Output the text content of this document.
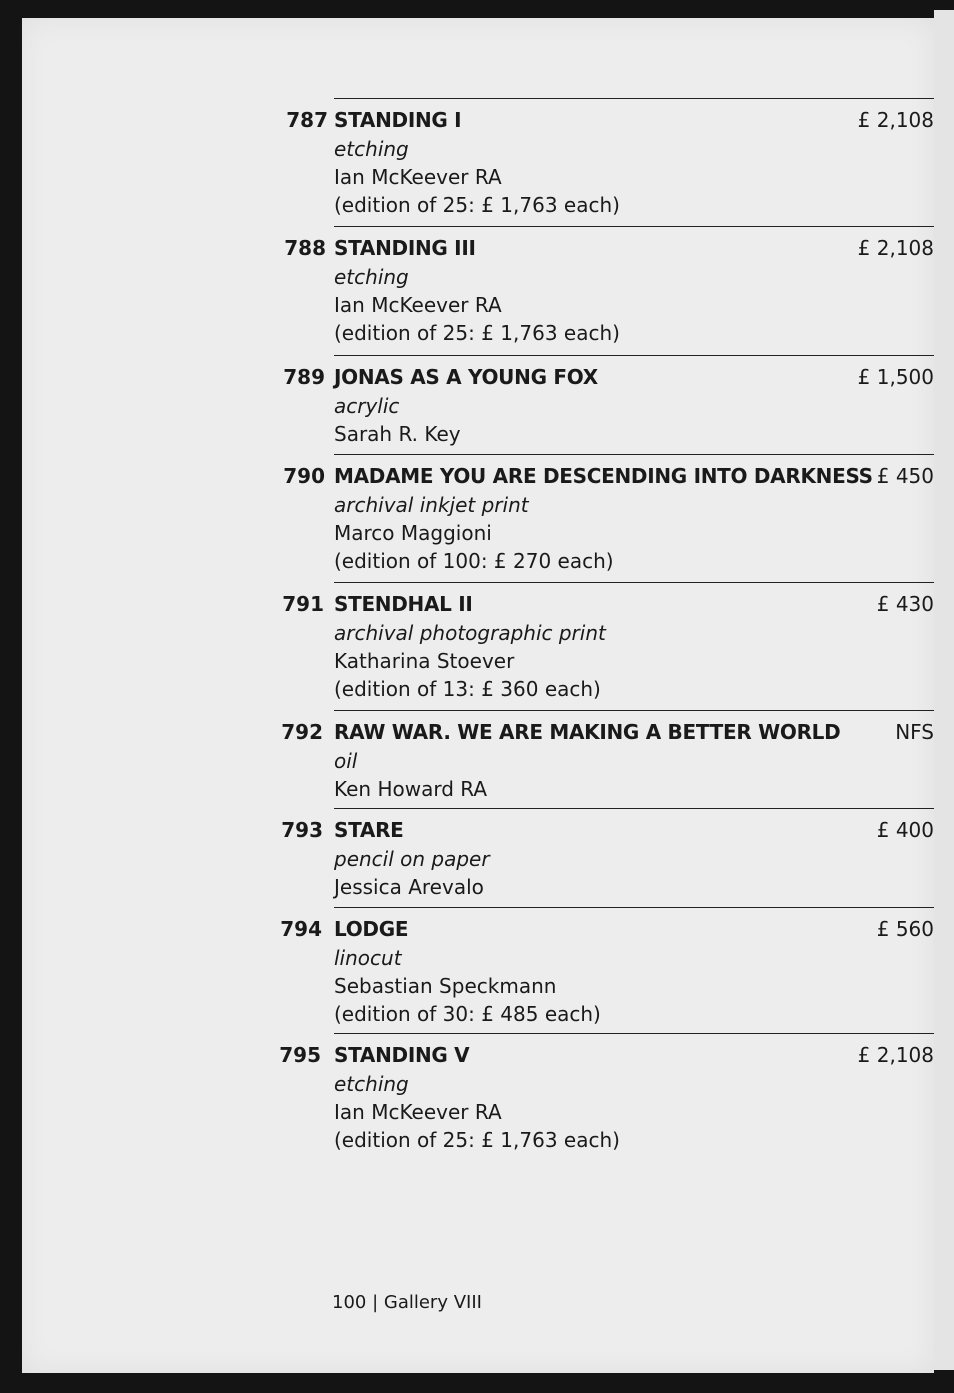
787 STANDING I	£ 2,108
etching
Ian McKeever RA
(edition of 25: £ 1,763 each)
788 STANDING III	£ 2,108
etching
Ian McKeever RA
(edition of 25: £ 1,763 each)
789 JONAS AS A YOUNG FOX	£ 1,500
acrylic
Sarah R. Key
790 MADAME YOU ARE DESCENDING INTO DARKNESS £ 450
archival inkjet print
Marco Maggioni
(edition of 100: £ 270 each)
791 STENDHAL II	£ 430
archival photographic print
Katharina Stoever
(edition of 13: £ 360 each)
792 RAW WAR. WE ARE MAKING A BETTER WORLD	NFS
oil
Ken Howard RA
793 STARE	£ 400
pencil on paper
Jessica Arevalo
794 LODGE	£ 560
linocut
Sebastian Speckmann
(edition of 30: £ 485 each)
795 STANDING V	£ 2,108
etching
Ian McKeever RA
(edition of 25: £ 1,763 each)
100 | Gallery VIII
